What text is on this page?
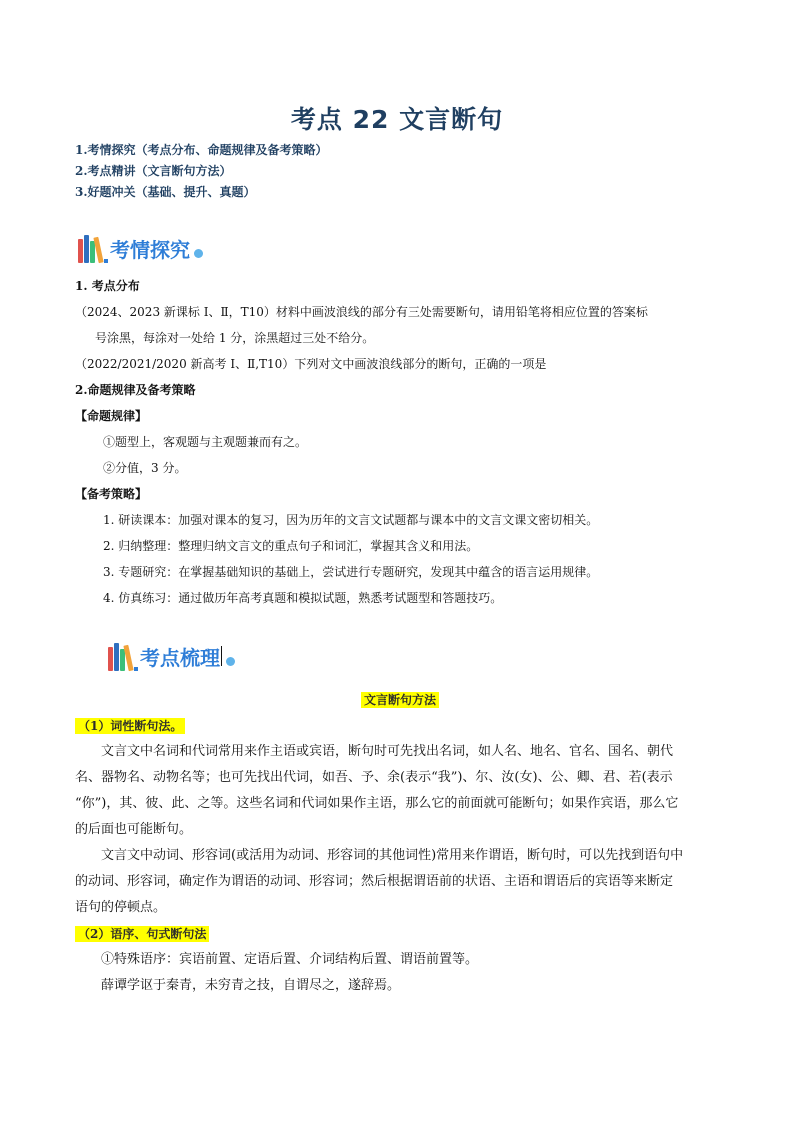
考点 22 文言断句
1.考情探究（考点分布、命题规律及备考策略）
2.考点精讲（文言断句方法）
3.好题冲关（基础、提升、真题）
考情探究
1. 考点分布
（2024、2023 新课标 I、Ⅱ，T10）材料中画波浪线的部分有三处需要断句，请用铅笔将相应位置的答案标
号涂黑，每涂对一处给 1 分，涂黑超过三处不给分。
（2022/2021/2020 新高考 I、Ⅱ,T10）下列对文中画波浪线部分的断句，正确的一项是
2.命题规律及备考策略
【命题规律】
①题型上，客观题与主观题兼而有之。
②分值，3 分。
【备考策略】
1. 研读课本：加强对课本的复习，因为历年的文言文试题都与课本中的文言文课文密切相关。
2. 归纳整理：整理归纳文言文的重点句子和词汇，掌握其含义和用法。
3. 专题研究：在掌握基础知识的基础上，尝试进行专题研究，发现其中蕴含的语言运用规律。
4. 仿真练习：通过做历年高考真题和模拟试题，熟悉考试题型和答题技巧。
考点梳理
文言断句方法
（1）词性断句法。
文言文中名词和代词常用来作主语或宾语，断句时可先找出名词，如人名、地名、官名、国名、朝代
名、器物名、动物名等；也可先找出代词，如吾、予、余(表示“我”)、尔、汝(女)、公、卿、君、若(表示
“你”)，其、彼、此、之等。这些名词和代词如果作主语，那么它的前面就可能断句；如果作宾语，那么它
的后面也可能断句。
文言文中动词、形容词(或活用为动词、形容词的其他词性)常用来作谓语，断句时，可以先找到语句中
的动词、形容词，确定作为谓语的动词、形容词；然后根据谓语前的状语、主语和谓语后的宾语等来断定
语句的停顿点。
（2）语序、句式断句法
①特殊语序：宾语前置、定语后置、介词结构后置、谓语前置等。
薛谭学讴于秦青，未穷青之技，自谓尽之，遂辞焉。
